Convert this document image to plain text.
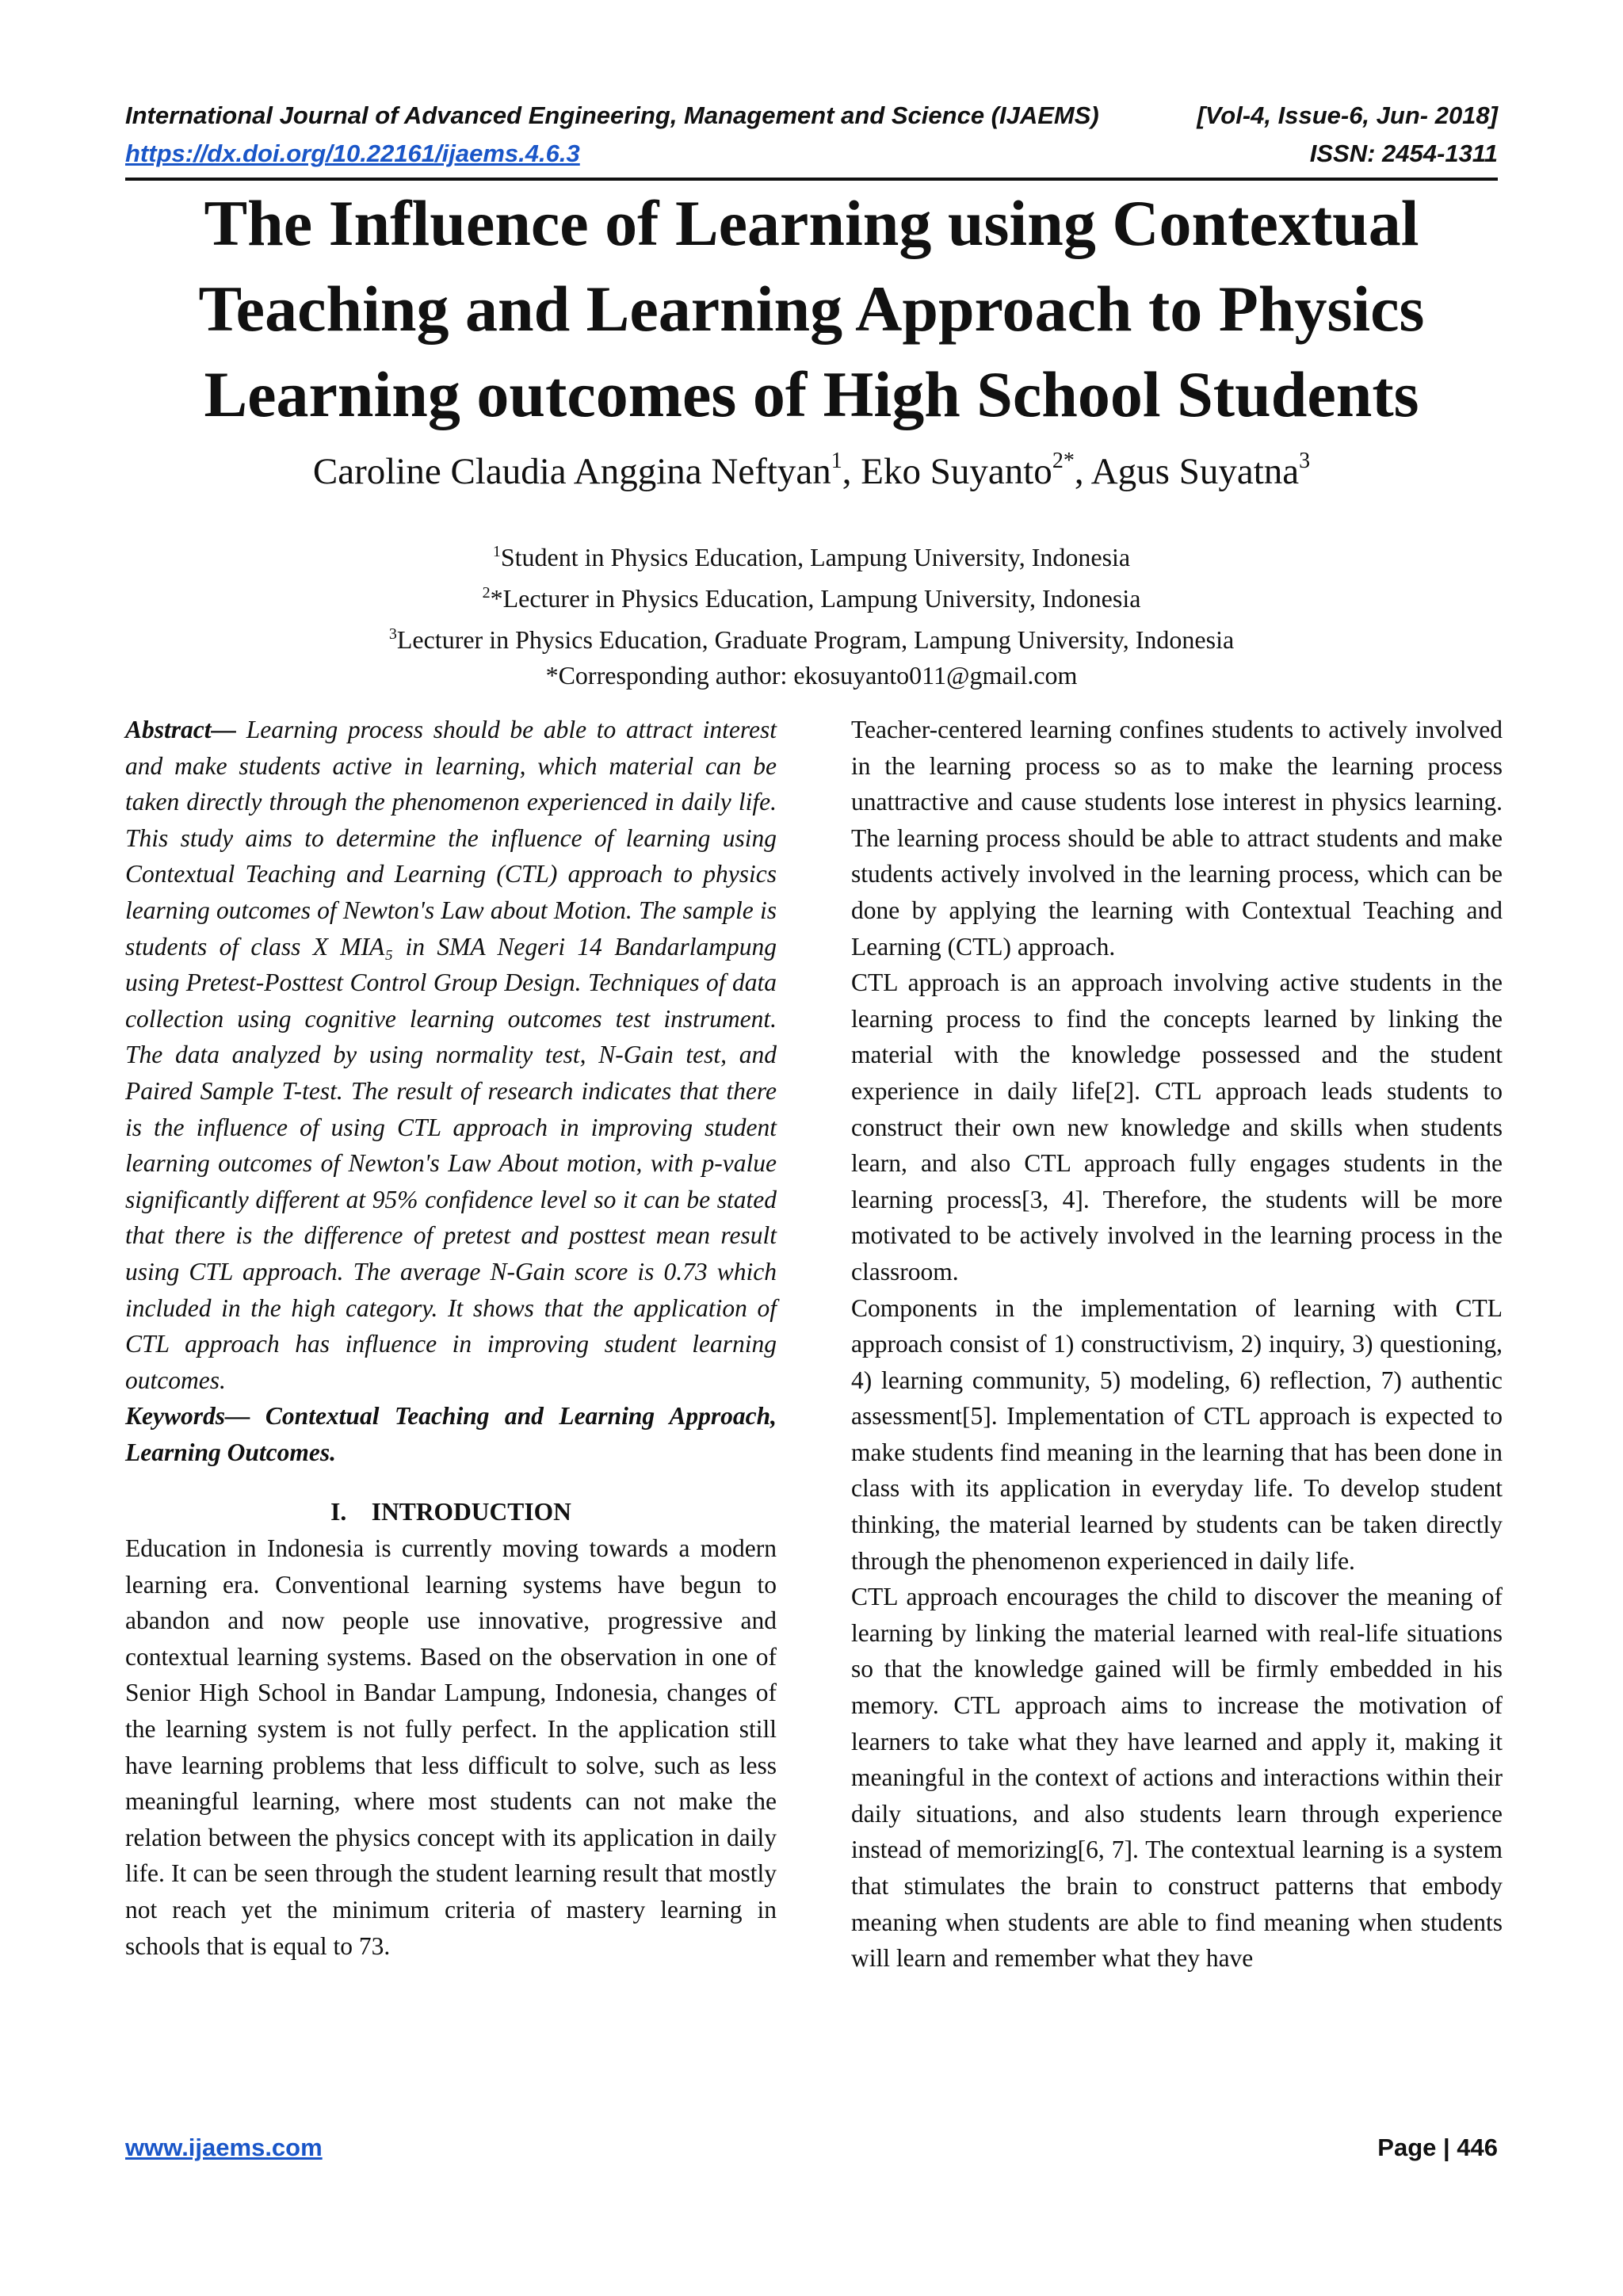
International Journal of Advanced Engineering, Management and Science (IJAEMS)	[Vol-4, Issue-6, Jun- 2018]
https://dx.doi.org/10.22161/ijaems.4.6.3	ISSN: 2454-1311
The Influence of Learning using Contextual
Teaching and Learning Approach to Physics
Learning outcomes of High School Students
Caroline Claudia Anggina Neftyan$^1$, Eko Suyanto$^{2*}$, Agus Suyatna$^3$
$^1$Student in Physics Education, Lampung University, Indonesia
$^2$*Lecturer in Physics Education, Lampung University, Indonesia
$^3$Lecturer in Physics Education, Graduate Program, Lampung University, Indonesia
*Corresponding author: ekosuyanto011@gmail.com

Abstract— Learning process should be able to attract interest and make students active in learning, which material can be taken directly through the phenomenon experienced in daily life. This study aims to determine the influence of learning using Contextual Teaching and Learning (CTL) approach to physics learning outcomes of Newton's Law about Motion. The sample is students of class X MIA₅ in SMA Negeri 14 Bandarlampung using Pretest-Posttest Control Group Design. Techniques of data collection using cognitive learning outcomes test instrument. The data analyzed by using normality test, N-Gain test, and Paired Sample T-test. The result of research indicates that there is the influence of using CTL approach in improving student learning outcomes of Newton's Law About motion, with p-value significantly different at 95% confidence level so it can be stated that there is the difference of pretest and posttest mean result using CTL approach. The average N-Gain score is 0.73 which included in the high category. It shows that the application of CTL approach has influence in improving student learning outcomes.

Keywords— Contextual Teaching and Learning Approach, Learning Outcomes.

I. INTRODUCTION

Education in Indonesia is currently moving towards a modern learning era. Conventional learning systems have begun to abandon and now people use innovative, progressive and contextual learning systems. Based on the observation in one of Senior High School in Bandar Lampung, Indonesia, changes of the learning system is not fully perfect. In the application still have learning problems that less difficult to solve, such as less meaningful learning, where most students can not make the relation between the physics concept with its application in daily life. It can be seen through the student learning result that mostly not reach yet the minimum criteria of mastery learning in schools that is equal to 73.

Teacher-centered learning confines students to actively involved in the learning process so as to make the learning process unattractive and cause students lose interest in physics learning. The learning process should be able to attract students and make students actively involved in the learning process, which can be done by applying the learning with Contextual Teaching and Learning (CTL) approach.

CTL approach is an approach involving active students in the learning process to find the concepts learned by linking the material with the knowledge possessed and the student experience in daily life[2]. CTL approach leads students to construct their own new knowledge and skills when students learn, and also CTL approach fully engages students in the learning process[3, 4]. Therefore, the students will be more motivated to be actively involved in the learning process in the classroom.

Components in the implementation of learning with CTL approach consist of 1) constructivism, 2) inquiry, 3) questioning, 4) learning community, 5) modeling, 6) reflection, 7) authentic assessment[5]. Implementation of CTL approach is expected to make students find meaning in the learning that has been done in class with its application in everyday life. To develop student thinking, the material learned by students can be taken directly through the phenomenon experienced in daily life.

CTL approach encourages the child to discover the meaning of learning by linking the material learned with real-life situations so that the knowledge gained will be firmly embedded in his memory. CTL approach aims to increase the motivation of learners to take what they have learned and apply it, making it meaningful in the context of actions and interactions within their daily situations, and also students learn through experience instead of memorizing[6, 7]. The contextual learning is a system that stimulates the brain to construct patterns that embody meaning when students are able to find meaning when students will learn and remember what they have

www.ijaems.com	Page | 446
